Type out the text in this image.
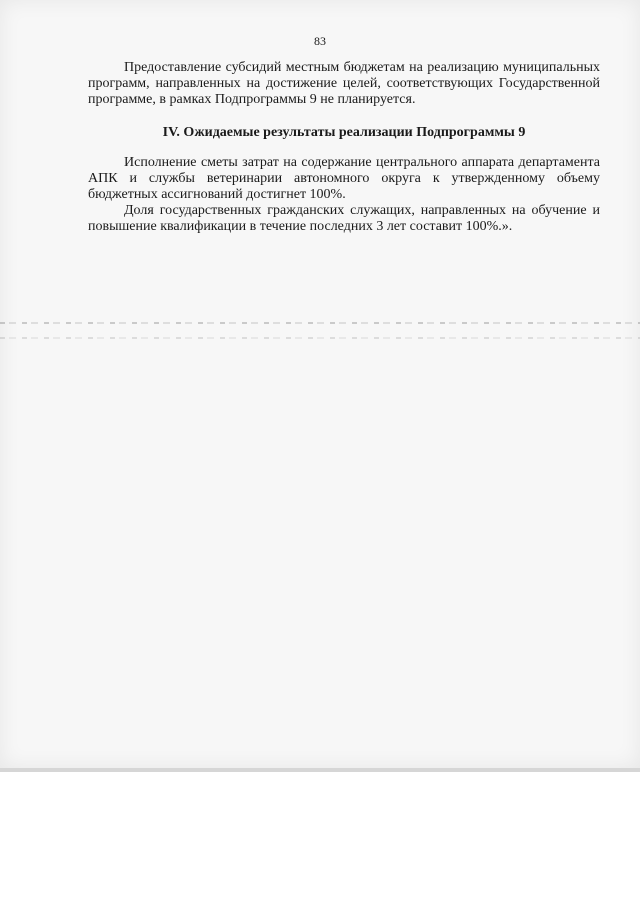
83

Предоставление субсидий местным бюджетам на реализацию муниципальных программ, направленных на достижение целей, соответствующих Государственной программе, в рамках Подпрограммы 9 не планируется.

IV. Ожидаемые результаты реализации Подпрограммы 9

Исполнение сметы затрат на содержание центрального аппарата департамента АПК и службы ветеринарии автономного округа к утвержденному объему бюджетных ассигнований достигнет 100%.

Доля государственных гражданских служащих, направленных на обучение и повышение квалификации в течение последних 3 лет составит 100%.».
